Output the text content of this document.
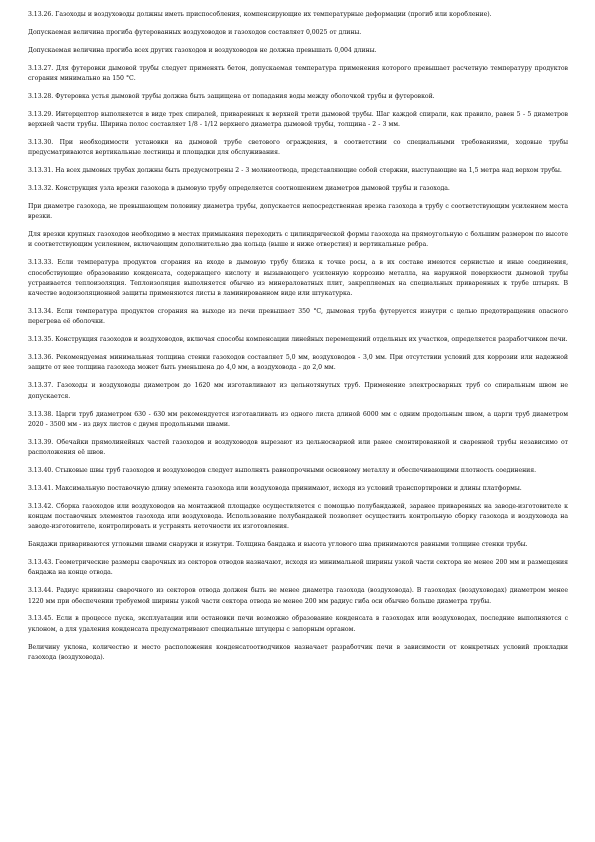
3.13.26. Газоходы и воздуховоды должны иметь приспособления, компенсирующие их температурные деформации (прогиб или коробление).

Допускаемая величина прогиба футерованных воздуховодов и газоходов составляет 0,0025 от длины.

Допускаемая величина прогиба всех других газоходов и воздуховодов не должна превышать 0,004 длины.

3.13.27. Для футеровки дымовой трубы следует применять бетон, допускаемая температура применения которого превышает расчетную температуру продуктов сгорания минимально на 150 °С.

3.13.28. Футеровка устья дымовой трубы должна быть защищена от попадания воды между оболочкой трубы и футеровкой.

3.13.29. Интерцептор выполняется в виде трех спиралей, приваренных к верхней трети дымовой трубы. Шаг каждой спирали, как правило, равен 5 - 5 диаметров верхней части трубы. Ширина полос составляет 1/8 - 1/12 верхнего диаметра дымовой трубы, толщина - 2 - 3 мм.

3.13.30. При необходимости установки на дымовой трубе светового ограждения, в соответствии со специальными требованиями, ходовые трубы предусматриваются вертикальные лестницы и площадки для обслуживания.

3.13.31. На всех дымовых трубах должны быть предусмотрены 2 - 3 молниеотвода, представляющие собой стержни, выступающие на 1,5 метра над верхом трубы.

3.13.32. Конструкция узла врезки газохода в дымовую трубу определяется соотношением диаметров дымовой трубы и газохода.

При диаметре газохода, не превышающем половину диаметра трубы, допускается непосредственная врезка газохода в трубу с соответствующим усилением места врезки.

Для врезки крупных газоходов необходимо в местах примыкания переходить с цилиндрической формы газохода на прямоугольную с большим размером по высоте и соответствующим усилением, включающим дополнительно два кольца (выше и ниже отверстия) и вертикальные ребра.

3.13.33. Если температура продуктов сгорания на входе в дымовую трубу близка к точке росы, а в их составе имеются сернистые и иные соединения, способствующие образованию конденсата, содержащего кислоту и вызывающего усиленную коррозию металла, на наружной поверхности дымовой трубы устраивается теплоизоляция. Теплоизоляция выполняется обычно из минераловатных плит, закрепляемых на специальных приваренных к трубе штырях. В качестве водоизоляционной защиты применяются листы в ламинированном виде или штукатурка.

3.13.34. Если температура продуктов сгорания на выходе из печи превышает 350 °С, дымовая труба футеруется изнутри с целью предотвращения опасного перегрева её оболочки.

3.13.35. Конструкция газоходов и воздуховодов, включая способы компенсации линейных перемещений отдельных их участков, определяется разработчиком печи.

3.13.36. Рекомендуемая минимальная толщина стенки газоходов составляет 5,0 мм, воздуховодов - 3,0 мм. При отсутствии условий для коррозии или надежной защите от нее толщина газохода может быть уменьшена до 4,0 мм, а воздуховода - до 2,0 мм.

3.13.37. Газоходы и воздуховоды диаметром до 1620 мм изготавливают из цельнотянутых труб. Применение электросварных труб со спиральным швом не допускается.

3.13.38. Царги труб диаметром 630 - 630 мм рекомендуется изготавливать из одного листа длиной 6000 мм с одним продольным швом, а царги труб диаметром 2020 - 3500 мм - из двух листов с двумя продольными швами.

3.13.39. Обечайки прямолинейных частей газоходов и воздуховодов вырезают из цельносварной или ранее смонтированной и сваренной трубы независимо от расположения её швов.

3.13.40. Стыковые швы труб газоходов и воздуховодов следует выполнять равнопрочными основному металлу и обеспечивающими плотность соединения.

3.13.41. Максимальную поставочную длину элемента газохода или воздуховода принимают, исходя из условий транспортировки и длины платформы.

3.13.42. Сборка газоходов или воздуховодов на монтажной площадке осуществляется с помощью полубандажей, заранее приваренных на заводе-изготовителе к концам поставочных элементов газохода или воздуховода. Использование полубандажей позволяет осуществить контрольную сборку газохода и воздуховода на заводе-изготовителе, контролировать и устранять неточности их изготовления.

Бандажи привариваются угловыми швами снаружи и изнутри. Толщина бандажа и высота углового шва принимаются равными толщине стенки трубы.

3.13.43. Геометрические размеры сварочных из секторов отводов назначают, исходя из минимальной ширины узкой части сектора не менее 200 мм и размещения бандажа на конце отвода.

3.13.44. Радиус кривизны сварочного из секторов отвода должен быть не менее диаметра газохода (воздуховода). В газоходах (воздуховодах) диаметром менее 1220 мм при обеспечении требуемой ширины узкой части сектора отвода не менее 200 мм радиус гиба оси обычно больше диаметра трубы.

3.13.45. Если в процессе пуска, эксплуатации или остановки печи возможно образование конденсата в газоходах или воздуховодах, последние выполняются с уклоном, а для удаления конденсата предусматривают специальные штуцеры с запорным органом.

Величину уклона, количество и место расположения конденсатоотводчиков назначает разработчик печи в зависимости от конкретных условий прокладки газохода (воздуховода).
